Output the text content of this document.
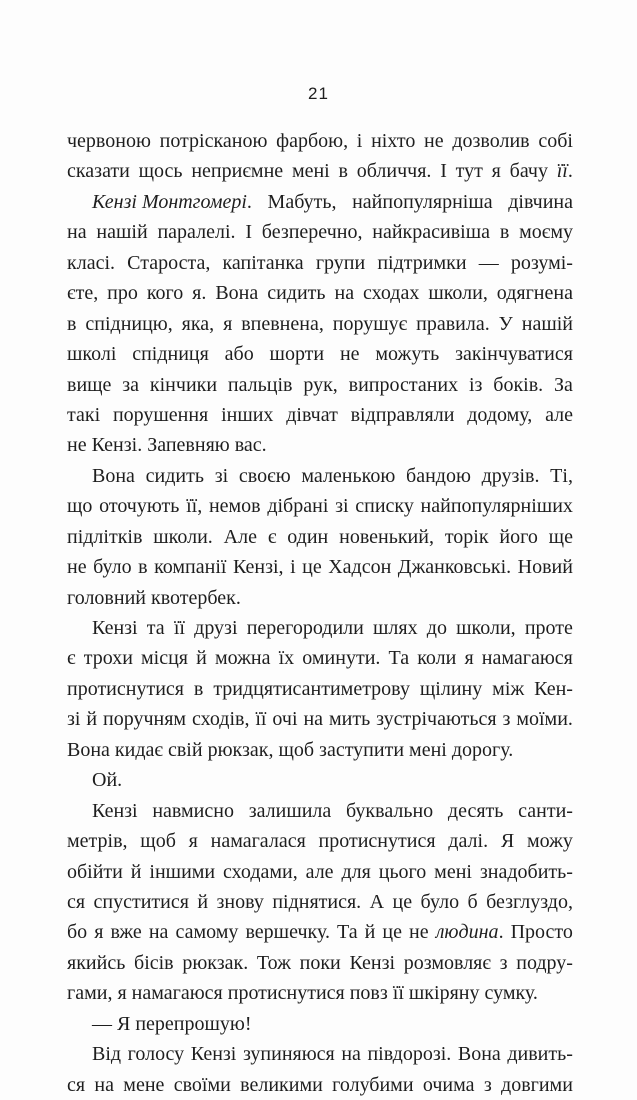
21
червоною потрісканою фарбою, і ніхто не дозволив собі
сказати щось неприємне мені в обличчя. І тут я бачу її.
Кензі Монтгомері. Мабуть, найпопулярніша дівчина
на нашій паралелі. І безперечно, найкрасивіша в моєму
класі. Староста, капітанка групи підтримки — розумі-
єте, про кого я. Вона сидить на сходах школи, одягнена
в спідницю, яка, я впевнена, порушує правила. У нашій
школі спідниця або шорти не можуть закінчуватися
вище за кінчики пальців рук, випростаних із боків. За
такі порушення інших дівчат відправляли додому, але
не Кензі. Запевняю вас.
Вона сидить зі своєю маленькою бандою друзів. Ті,
що оточують її, немов дібрані зі списку найпопулярніших
підлітків школи. Але є один новенький, торік його ще
не було в компанії Кензі, і це Хадсон Джанковські. Новий
головний квотербек.
Кензі та її друзі перегородили шлях до школи, проте
є трохи місця й можна їх оминути. Та коли я намагаюся
протиснутися в тридцятисантиметрову щілину між Кен-
зі й поручням сходів, її очі на мить зустрічаються з моїми.
Вона кидає свій рюкзак, щоб заступити мені дорогу.
Ой.
Кензі навмисно залишила буквально десять санти-
метрів, щоб я намагалася протиснутися далі. Я можу
обійти й іншими сходами, але для цього мені знадобить-
ся спуститися й знову піднятися. А це було б безглуздо,
бо я вже на самому вершечку. Та й це не людина. Просто
якийсь бісів рюкзак. Тож поки Кензі розмовляє з подру-
гами, я намагаюся протиснутися повз її шкіряну сумку.
— Я перепрошую!
Від голосу Кензі зупиняюся на півдорозі. Вона дивить-
ся на мене своїми великими голубими очима з довгими
